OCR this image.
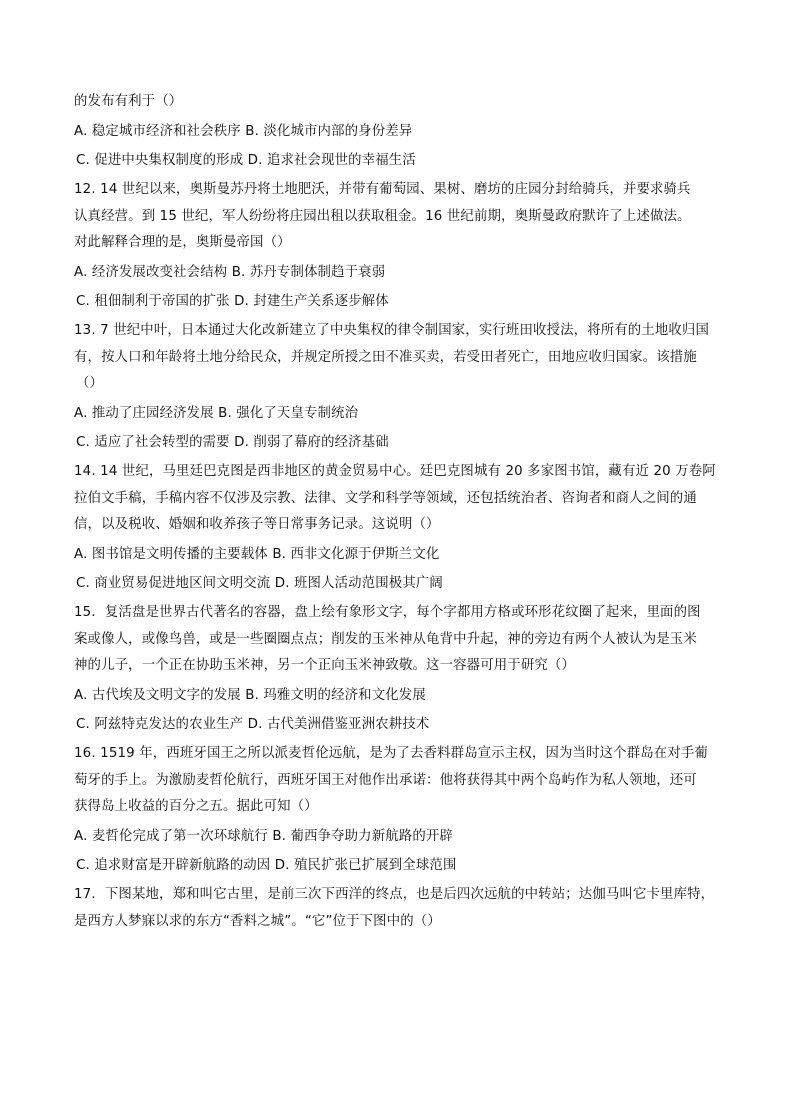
的发布有利于（）
A. 稳定城市经济和社会秩序 B. 淡化城市内部的身份差异
C. 促进中央集权制度的形成 D. 追求社会现世的幸福生活
12. 14 世纪以来，奥斯曼苏丹将土地肥沃，并带有葡萄园、果树、磨坊的庄园分封给骑兵，并要求骑兵
认真经营。到 15 世纪，军人纷纷将庄园出租以获取租金。16 世纪前期，奥斯曼政府默许了上述做法。
对此解释合理的是，奥斯曼帝国（）
A. 经济发展改变社会结构 B. 苏丹专制体制趋于衰弱
C. 租佃制利于帝国的扩张 D. 封建生产关系逐步解体
13. 7 世纪中叶，日本通过大化改新建立了中央集权的律令制国家，实行班田收授法，将所有的土地收归国
有，按人口和年龄将土地分给民众，并规定所授之田不准买卖，若受田者死亡，田地应收归国家。该措施
（）
A. 推动了庄园经济发展 B. 强化了天皇专制统治
C. 适应了社会转型的需要 D. 削弱了幕府的经济基础
14. 14 世纪，马里廷巴克图是西非地区的黄金贸易中心。廷巴克图城有 20 多家图书馆，藏有近 20 万卷阿
拉伯文手稿，手稿内容不仅涉及宗教、法律、文学和科学等领域，还包括统治者、咨询者和商人之间的通
信，以及税收、婚姻和收养孩子等日常事务记录。这说明（）
A. 图书馆是文明传播的主要载体 B. 西非文化源于伊斯兰文化
C. 商业贸易促进地区间文明交流 D. 班图人活动范围极其广阔
15．复活盘是世界古代著名的容器，盘上绘有象形文字，每个字都用方格或环形花纹圈了起来，里面的图
案或像人，或像鸟兽，或是一些圈圈点点；削发的玉米神从龟背中升起，神的旁边有两个人被认为是玉米
神的儿子，一个正在协助玉米神，另一个正向玉米神致敬。这一容器可用于研究（）
A. 古代埃及文明文字的发展 B. 玛雅文明的经济和文化发展
C. 阿兹特克发达的农业生产 D. 古代美洲借鉴亚洲农耕技术
16. 1519 年，西班牙国王之所以派麦哲伦远航，是为了去香料群岛宣示主权，因为当时这个群岛在对手葡
萄牙的手上。为激励麦哲伦航行，西班牙国王对他作出承诺：他将获得其中两个岛屿作为私人领地，还可
获得岛上收益的百分之五。据此可知（）
A. 麦哲伦完成了第一次环球航行 B. 葡西争夺助力新航路的开辟
C. 追求财富是开辟新航路的动因 D. 殖民扩张已扩展到全球范围
17．下图某地，郑和叫它古里，是前三次下西洋的终点，也是后四次远航的中转站；达伽马叫它卡里库特，
是西方人梦寐以求的东方“香料之城”。“它”位于下图中的（）
